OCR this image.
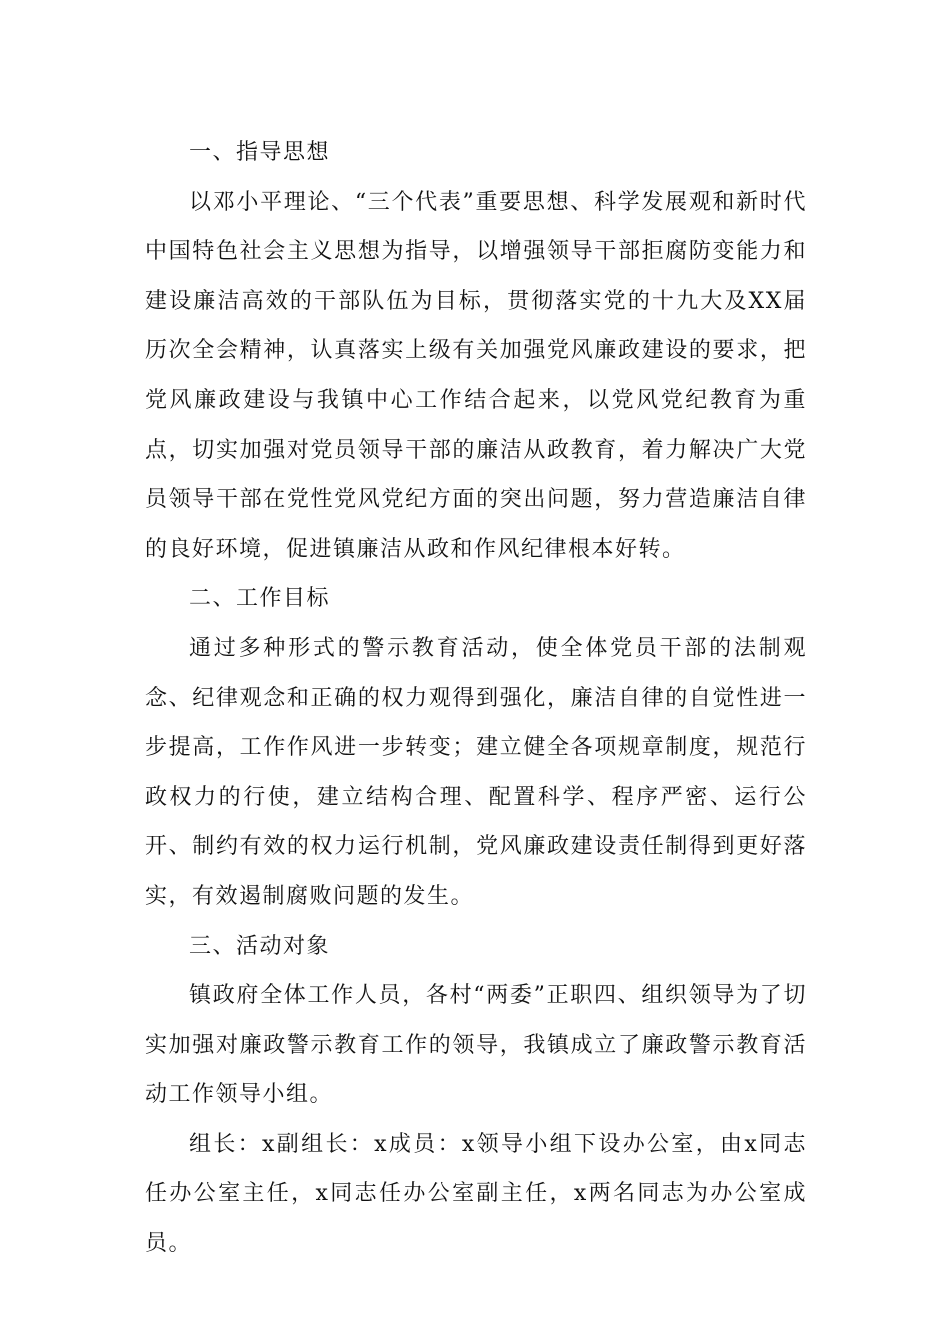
一、指导思想

以邓小平理论、“三个代表”重要思想、科学发展观和新时代中国特色社会主义思想为指导，以增强领导干部拒腐防变能力和建设廉洁高效的干部队伍为目标，贯彻落实党的十九大及XX届历次全会精神，认真落实上级有关加强党风廉政建设的要求，把党风廉政建设与我镇中心工作结合起来，以党风党纪教育为重点，切实加强对党员领导干部的廉洁从政教育，着力解决广大党员领导干部在党性党风党纪方面的突出问题，努力营造廉洁自律的良好环境，促进镇廉洁从政和作风纪律根本好转。

二、工作目标

通过多种形式的警示教育活动，使全体党员干部的法制观念、纪律观念和正确的权力观得到强化，廉洁自律的自觉性进一步提高，工作作风进一步转变；建立健全各项规章制度，规范行政权力的行使，建立结构合理、配置科学、程序严密、运行公开、制约有效的权力运行机制，党风廉政建设责任制得到更好落实，有效遏制腐败问题的发生。

三、活动对象

镇政府全体工作人员，各村“两委”正职四、组织领导为了切实加强对廉政警示教育工作的领导，我镇成立了廉政警示教育活动工作领导小组。

组长：x副组长：x成员：x领导小组下设办公室，由x同志任办公室主任，x同志任办公室副主任，x两名同志为办公室成员。
